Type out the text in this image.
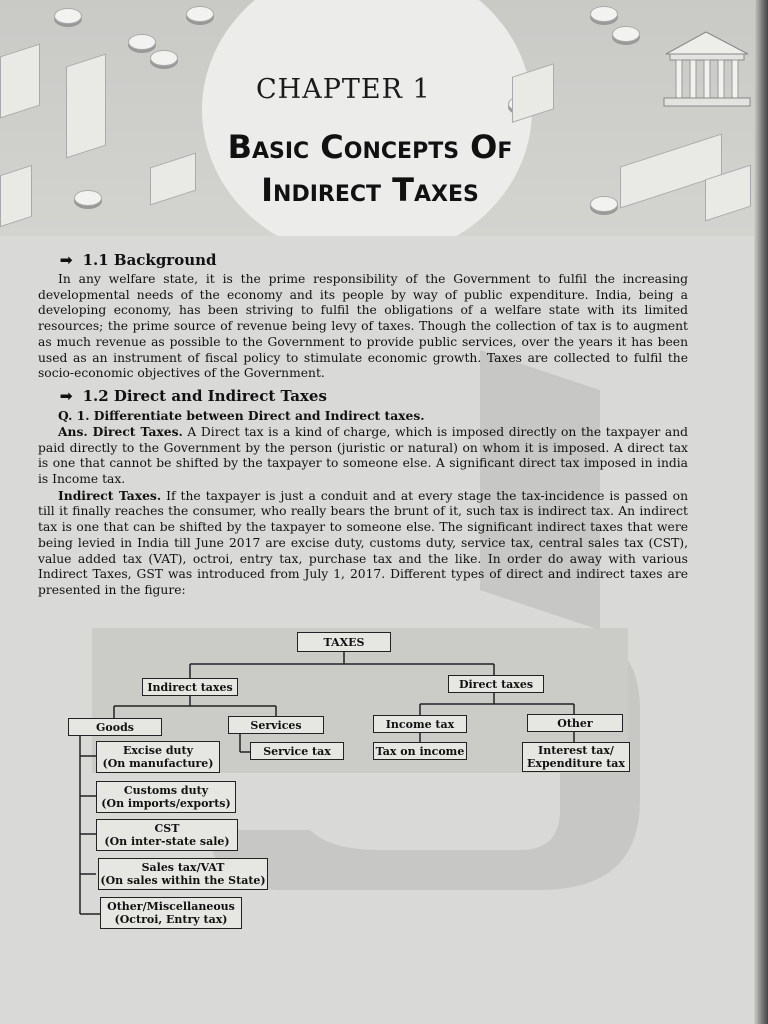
CHAPTER 1
Basic Concepts Of
Indirect Taxes
➟ 1.1 Background

In any welfare state, it is the prime responsibility of the Government to fulfil the increasing developmental needs of the economy and its people by way of public expenditure. India, being a developing economy, has been striving to fulfil the obligations of a welfare state with its limited resources; the prime source of revenue being levy of taxes. Though the collection of tax is to augment as much revenue as possible to the Government to provide public services, over the years it has been used as an instrument of fiscal policy to stimulate economic growth. Taxes are collected to fulfil the socio-economic objectives of the Government.

➟ 1.2 Direct and Indirect Taxes
Q. 1. Differentiate between Direct and Indirect taxes.

Ans. Direct Taxes. A Direct tax is a kind of charge, which is imposed directly on the taxpayer and paid directly to the Government by the person (juristic or natural) on whom it is imposed. A direct tax is one that cannot be shifted by the taxpayer to someone else. A significant direct tax imposed in india is Income tax.

Indirect Taxes. If the taxpayer is just a conduit and at every stage the tax-incidence is passed on till it finally reaches the consumer, who really bears the brunt of it, such tax is indirect tax. An indirect tax is one that can be shifted by the taxpayer to someone else. The significant indirect taxes that were being levied in India till June 2017 are excise duty, customs duty, service tax, central sales tax (CST), value added tax (VAT), octroi, entry tax, purchase tax and the like. In order do away with various Indirect Taxes, GST was introduced from July 1, 2017. Different types of direct and indirect taxes are presented in the figure:

TAXES
Indirect taxes	Direct taxes
Goods	Services	Income tax	Other
Service tax	Tax on income	Interest tax/
Expenditure tax
Excise duty
(On manufacture)
Customs duty
(On imports/exports)
CST
(On inter-state sale)
Sales tax/VAT
(On sales within the State)
Other/Miscellaneous
(Octroi, Entry tax)
